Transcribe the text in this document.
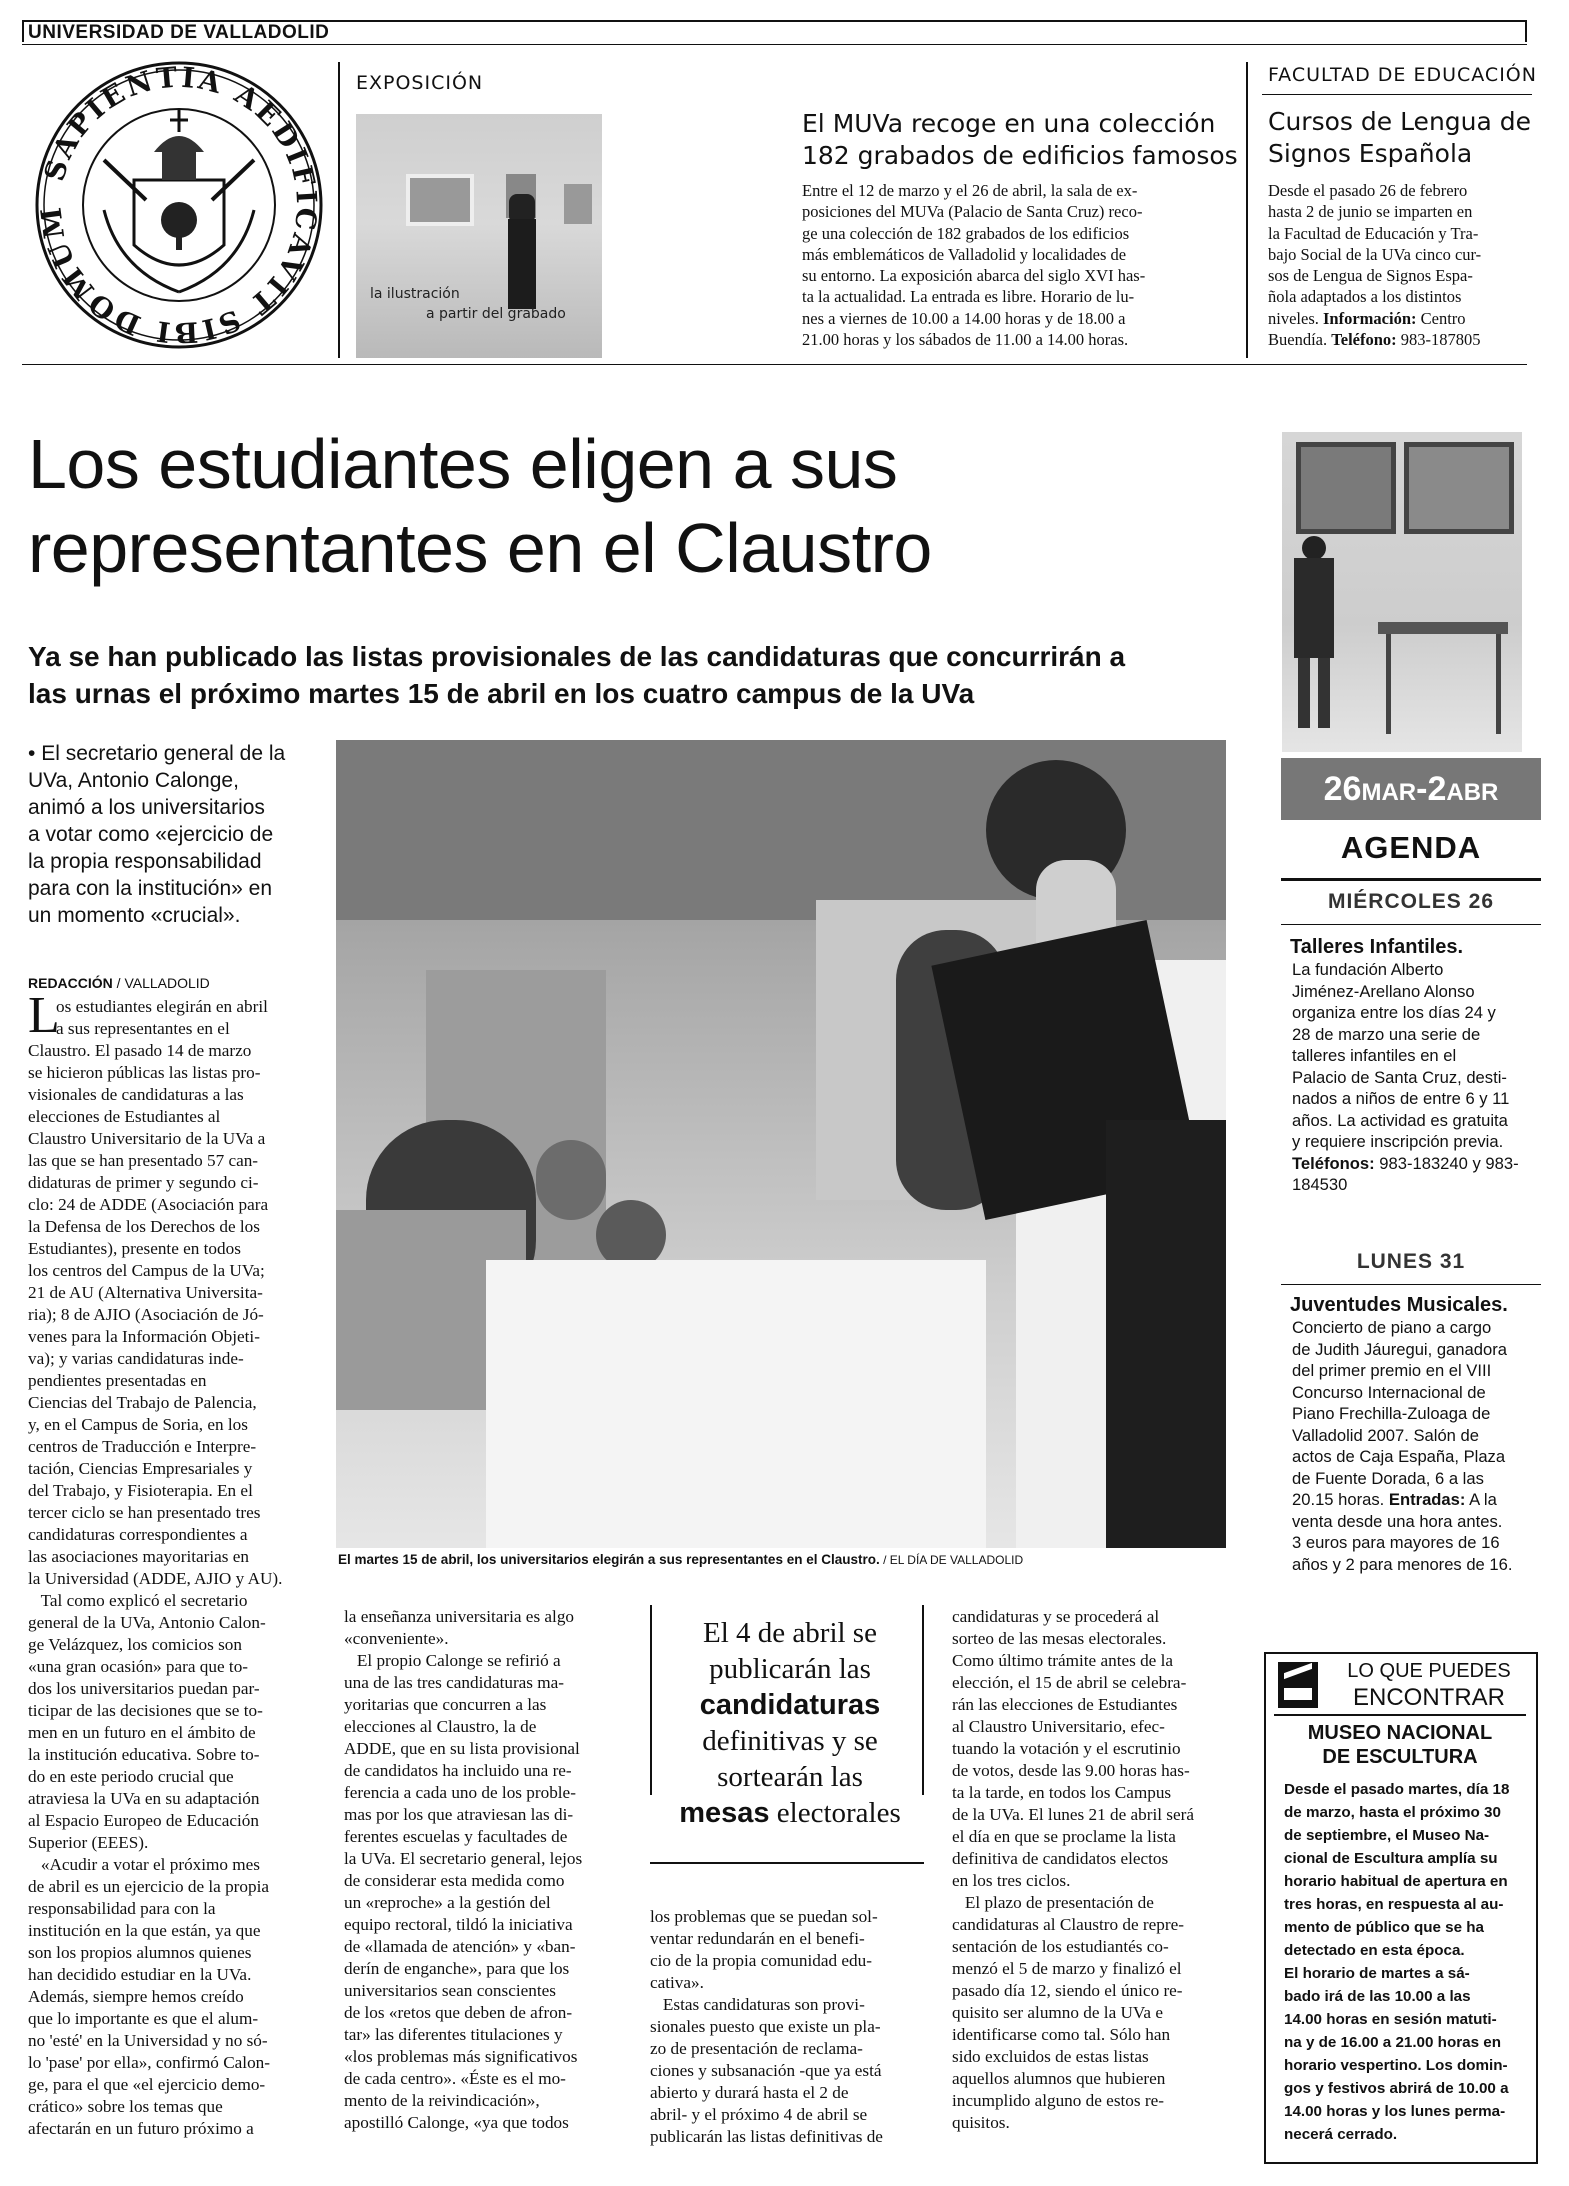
UNIVERSIDAD DE VALLADOLID
SAPIENTIA AEDIFICAVIT SIBI DOMUM
EXPOSICIÓN
la ilustración
a partir del grabado
El MUVa recoge en una colección
182 grabados de edificios famosos

Entre el 12 de marzo y el 26 de abril, la sala de ex-

posiciones del MUVa (Palacio de Santa Cruz) reco-

ge una colección de 182 grabados de los edificios

más emblemáticos de Valladolid y localidades de

su entorno. La exposición abarca del siglo XVI has-

ta la actualidad. La entrada es libre. Horario de lu-

nes a viernes de 10.00 a 14.00 horas y de 18.00 a

21.00 horas y los sábados de 11.00 a 14.00 horas.

FACULTAD DE EDUCACIÓN
Cursos de Lengua de
Signos Española

Desde el pasado 26 de febrero

hasta 2 de junio se imparten en

la Facultad de Educación y Tra-

bajo Social de la UVa cinco cur-

sos de Lengua de Signos Espa-

ñola adaptados a los distintos

niveles. Información: Centro

Buendía. Teléfono: 983-187805

Los estudiantes eligen a sus
representantes en el Claustro
Ya se han publicado las listas provisionales de las candidaturas que concurrirán a
las urnas el próximo martes 15 de abril en los cuatro campus de la UVa
26MAR-2ABR
AGENDA
MIÉRCOLES 26
Talleres Infantiles.

La fundación Alberto

Jiménez-Arellano Alonso

organiza entre los días 24 y

28 de marzo una serie de

talleres infantiles en el

Palacio de Santa Cruz, desti-

nados a niños de entre 6 y 11

años. La actividad es gratuita

y requiere inscripción previa.

Teléfonos: 983-183240 y 983-

184530

LUNES 31
Juventudes Musicales.

Concierto de piano a cargo

de Judith Jáuregui, ganadora

del primer premio en el VIII

Concurso Internacional de

Piano Frechilla-Zuloaga de

Valladolid 2007. Salón de

actos de Caja España, Plaza

de Fuente Dorada, 6 a las

20.15 horas. Entradas: A la

venta desde una hora antes.

3 euros para mayores de 16

años y 2 para menores de 16.

LO QUE PUEDES
ENCONTRAR
MUSEO NACIONAL
DE ESCULTURA

Desde el pasado martes, día 18

de marzo, hasta el próximo 30

de septiembre, el Museo Na-

cional de Escultura amplía su

horario habitual de apertura en

tres horas, en respuesta al au-

mento de público que se ha

detectado en esta época.

El horario de martes a sá-

bado irá de las 10.00 a las

14.00 horas en sesión matuti-

na y de 16.00 a 21.00 horas en

horario vespertino. Los domin-

gos y festivos abrirá de 10.00 a

14.00 horas y los lunes perma-

necerá cerrado.

• El secretario general de la

UVa, Antonio Calonge,

animó a los universitarios

a votar como «ejercicio de

la propia responsabilidad

para con la institución» en

un momento «crucial».

El martes 15 de abril, los universitarios elegirán a sus representantes en el Claustro. / EL DÍA DE VALLADOLID
REDACCIÓN / VALLADOLID
L

os estudiantes elegirán en abril

a sus representantes en el

Claustro. El pasado 14 de marzo

se hicieron públicas las listas pro-

visionales de candidaturas a las

elecciones de Estudiantes al

Claustro Universitario de la UVa a

las que se han presentado 57 can-

didaturas de primer y segundo ci-

clo: 24 de ADDE (Asociación para

la Defensa de los Derechos de los

Estudiantes), presente en todos

los centros del Campus de la UVa;

21 de AU (Alternativa Universita-

ria); 8 de AJIO (Asociación de Jó-

venes para la Información Objeti-

va); y varias candidaturas inde-

pendientes presentadas en

Ciencias del Trabajo de Palencia,

y, en el Campus de Soria, en los

centros de Traducción e Interpre-

tación, Ciencias Empresariales y

del Trabajo, y Fisioterapia. En el

tercer ciclo se han presentado tres

candidaturas correspondientes a

las asociaciones mayoritarias en

la Universidad (ADDE, AJIO y AU).

Tal como explicó el secretario

general de la UVa, Antonio Calon-

ge Velázquez, los comicios son

«una gran ocasión» para que to-

dos los universitarios puedan par-

ticipar de las decisiones que se to-

men en un futuro en el ámbito de

la institución educativa. Sobre to-

do en este periodo crucial que

atraviesa la UVa en su adaptación

al Espacio Europeo de Educación

Superior (EEES).

«Acudir a votar el próximo mes

de abril es un ejercicio de la propia

responsabilidad para con la

institución en la que están, ya que

son los propios alumnos quienes

han decidido estudiar en la UVa.

Además, siempre hemos creído

que lo importante es que el alum-

no 'esté' en la Universidad y no só-

lo 'pase' por ella», confirmó Calon-

ge, para el que «el ejercicio demo-

crático» sobre los temas que

afectarán en un futuro próximo a

la enseñanza universitaria es algo

«conveniente».

El propio Calonge se refirió a

una de las tres candidaturas ma-

yoritarias que concurren a las

elecciones al Claustro, la de

ADDE, que en su lista provisional

de candidatos ha incluido una re-

ferencia a cada uno de los proble-

mas por los que atraviesan las di-

ferentes escuelas y facultades de

la UVa. El secretario general, lejos

de considerar esta medida como

un «reproche» a la gestión del

equipo rectoral, tildó la iniciativa

de «llamada de atención» y «ban-

derín de enganche», para que los

universitarios sean conscientes

de los «retos que deben de afron-

tar» las diferentes titulaciones y

«los problemas más significativos

de cada centro». «Éste es el mo-

mento de la reivindicación»,

apostilló Calonge, «ya que todos

El 4 de abril se
publicarán las
candidaturas
definitivas y se
sortearán las
mesas electorales

los problemas que se puedan sol-

ventar redundarán en el benefi-

cio de la propia comunidad edu-

cativa».

Estas candidaturas son provi-

sionales puesto que existe un pla-

zo de presentación de reclama-

ciones y subsanación -que ya está

abierto y durará hasta el 2 de

abril- y el próximo 4 de abril se

publicarán las listas definitivas de

candidaturas y se procederá al

sorteo de las mesas electorales.

Como último trámite antes de la

elección, el 15 de abril se celebra-

rán las elecciones de Estudiantes

al Claustro Universitario, efec-

tuando la votación y el escrutinio

de votos, desde las 9.00 horas has-

ta la tarde, en todos los Campus

de la UVa. El lunes 21 de abril será

el día en que se proclame la lista

definitiva de candidatos electos

en los tres ciclos.

El plazo de presentación de

candidaturas al Claustro de repre-

sentación de los estudiantés co-

menzó el 5 de marzo y finalizó el

pasado día 12, siendo el único re-

quisito ser alumno de la UVa e

identificarse como tal. Sólo han

sido excluidos de estas listas

aquellos alumnos que hubieren

incumplido alguno de estos re-

quisitos.
